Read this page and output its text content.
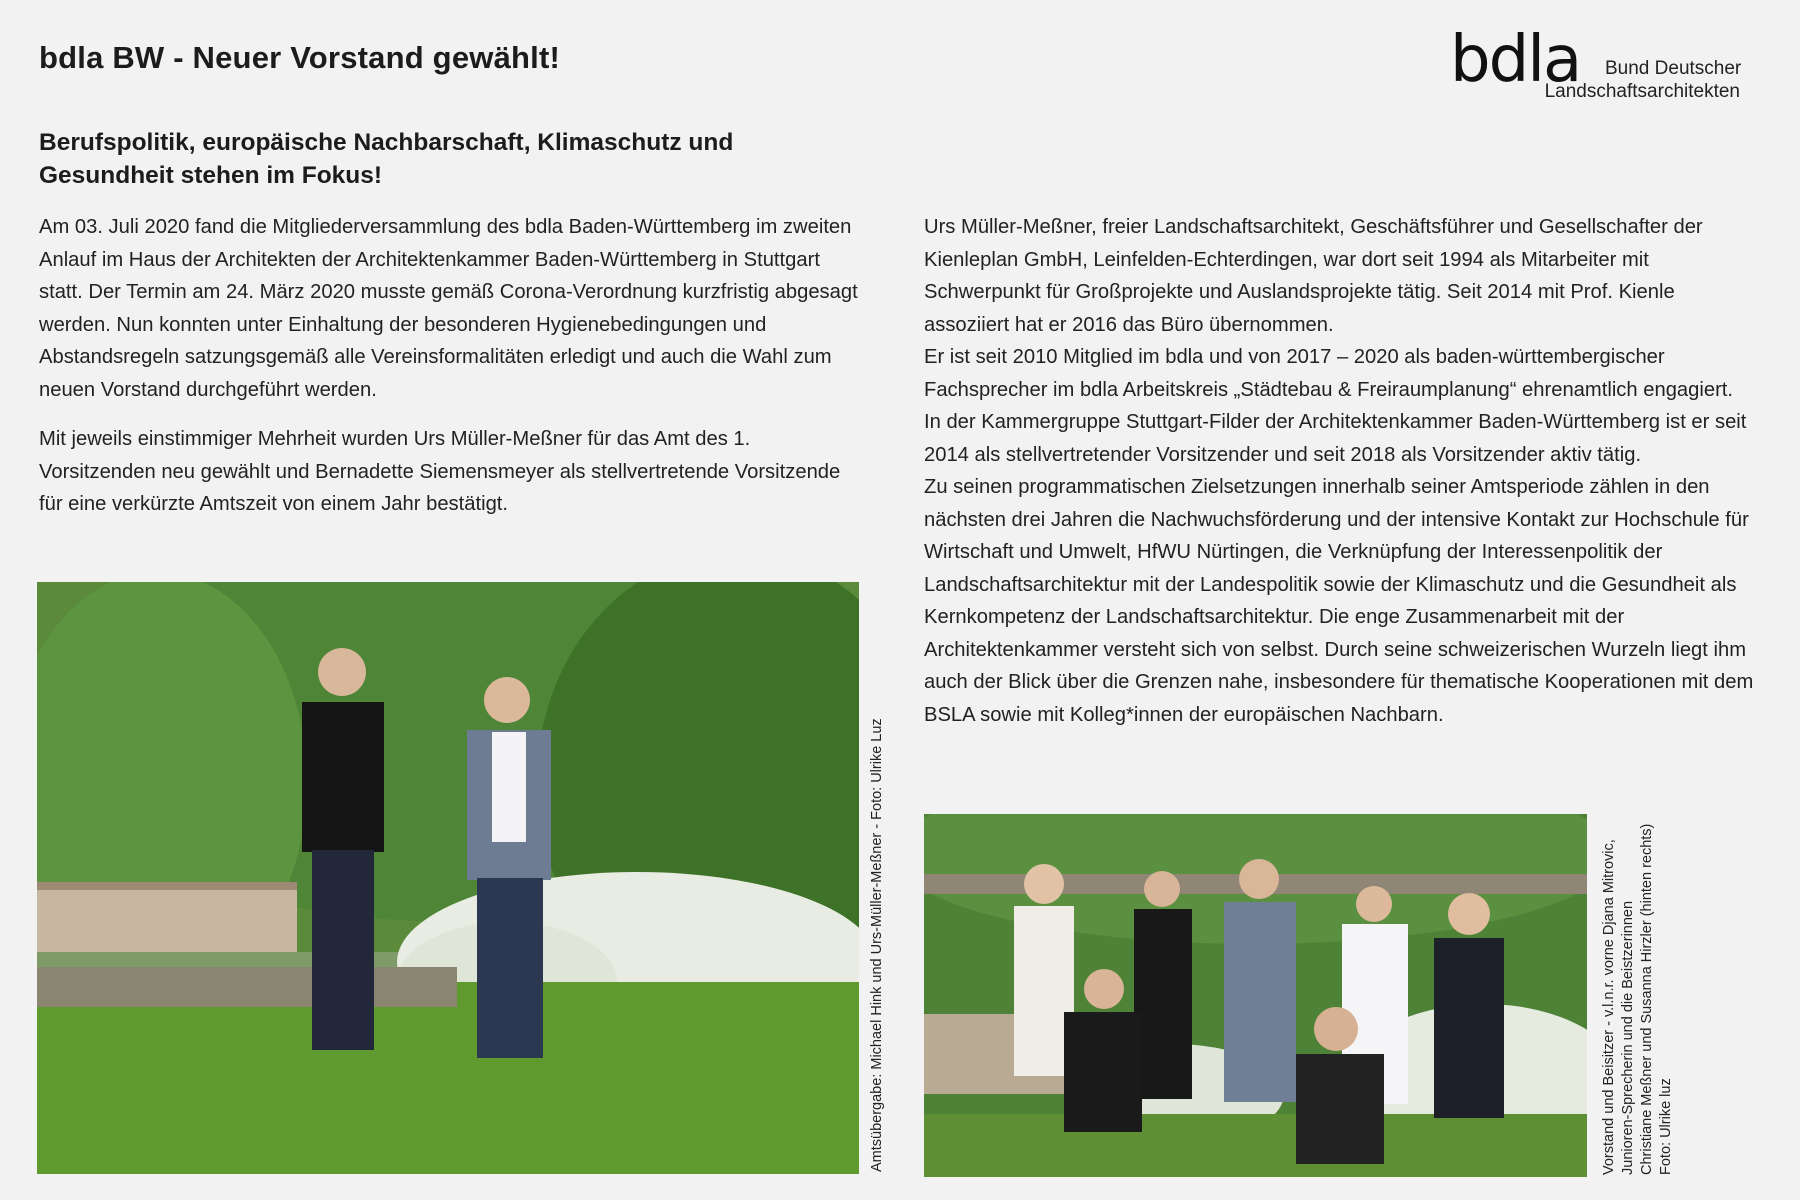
bdla BW - Neuer Vorstand gewählt!	bdla Bund Deutscher
Landschaftsarchitekten
Berufspolitik, europäische Nachbarschaft, Klimaschutz und Gesundheit stehen im Fokus!

Am 03. Juli 2020 fand die Mitgliederversammlung des bdla Baden-Württemberg im zweiten Anlauf im Haus der Architekten der Architektenkammer Baden-Württemberg in Stuttgart statt. Der Termin am 24. März 2020 musste gemäß Corona-Verordnung kurzfristig abgesagt werden. Nun konnten unter Einhaltung der besonderen Hygienebedingungen und Abstandsregeln satzungsgemäß alle Vereinsformalitäten erledigt und auch die Wahl zum neuen Vorstand durchgeführt werden.

Mit jeweils einstimmiger Mehrheit wurden Urs Müller-Meßner für das Amt des 1. Vorsitzenden neu gewählt und Bernadette Siemensmeyer als stellvertretende Vorsitzende für eine verkürzte Amtszeit von einem Jahr bestätigt.

Urs Müller-Meßner, freier Landschaftsarchitekt, Geschäftsführer und Gesellschafter der Kienleplan GmbH, Leinfelden-Echterdingen, war dort seit 1994 als Mitarbeiter mit Schwerpunkt für Großprojekte und Auslandsprojekte tätig. Seit 2014 mit Prof. Kienle assoziiert hat er 2016 das Büro übernommen.

Er ist seit 2010 Mitglied im bdla und von 2017 – 2020 als baden-württembergischer Fachsprecher im bdla Arbeitskreis „Städtebau & Freiraumplanung“ ehrenamtlich engagiert. In der Kammergruppe Stuttgart-Filder der Architektenkammer Baden-Württemberg ist er seit 2014 als stellvertretender Vorsitzender und seit 2018 als Vorsitzender aktiv tätig.

Zu seinen programmatischen Zielsetzungen innerhalb seiner Amtsperiode zählen in den nächsten drei Jahren die Nachwuchsförderung und der intensive Kontakt zur Hochschule für Wirtschaft und Umwelt, HfWU Nürtingen, die Verknüpfung der Interessenpolitik der Landschaftsarchitektur mit der Landespolitik sowie der Klimaschutz und die Gesundheit als Kernkompetenz der Landschaftsarchitektur. Die enge Zusammenarbeit mit der Architektenkammer versteht sich von selbst. Durch seine schweizerischen Wurzeln liegt ihm auch der Blick über die Grenzen nahe, insbesondere für thematische Kooperationen mit dem BSLA sowie mit Kolleg*innen der europäischen Nachbarn.

Amtsübergabe: Michael Hink und Urs-Müller-Meßner - Foto: Ulrike Luz	Vorstand und Beisitzer - v.l.n.r. vorne Djana Mitrovic, Junioren-Sprecherin und die Beistzerinnen Christiane Meßner und Susanna Hirzler (hinten rechts) Foto: Ulrike luz
